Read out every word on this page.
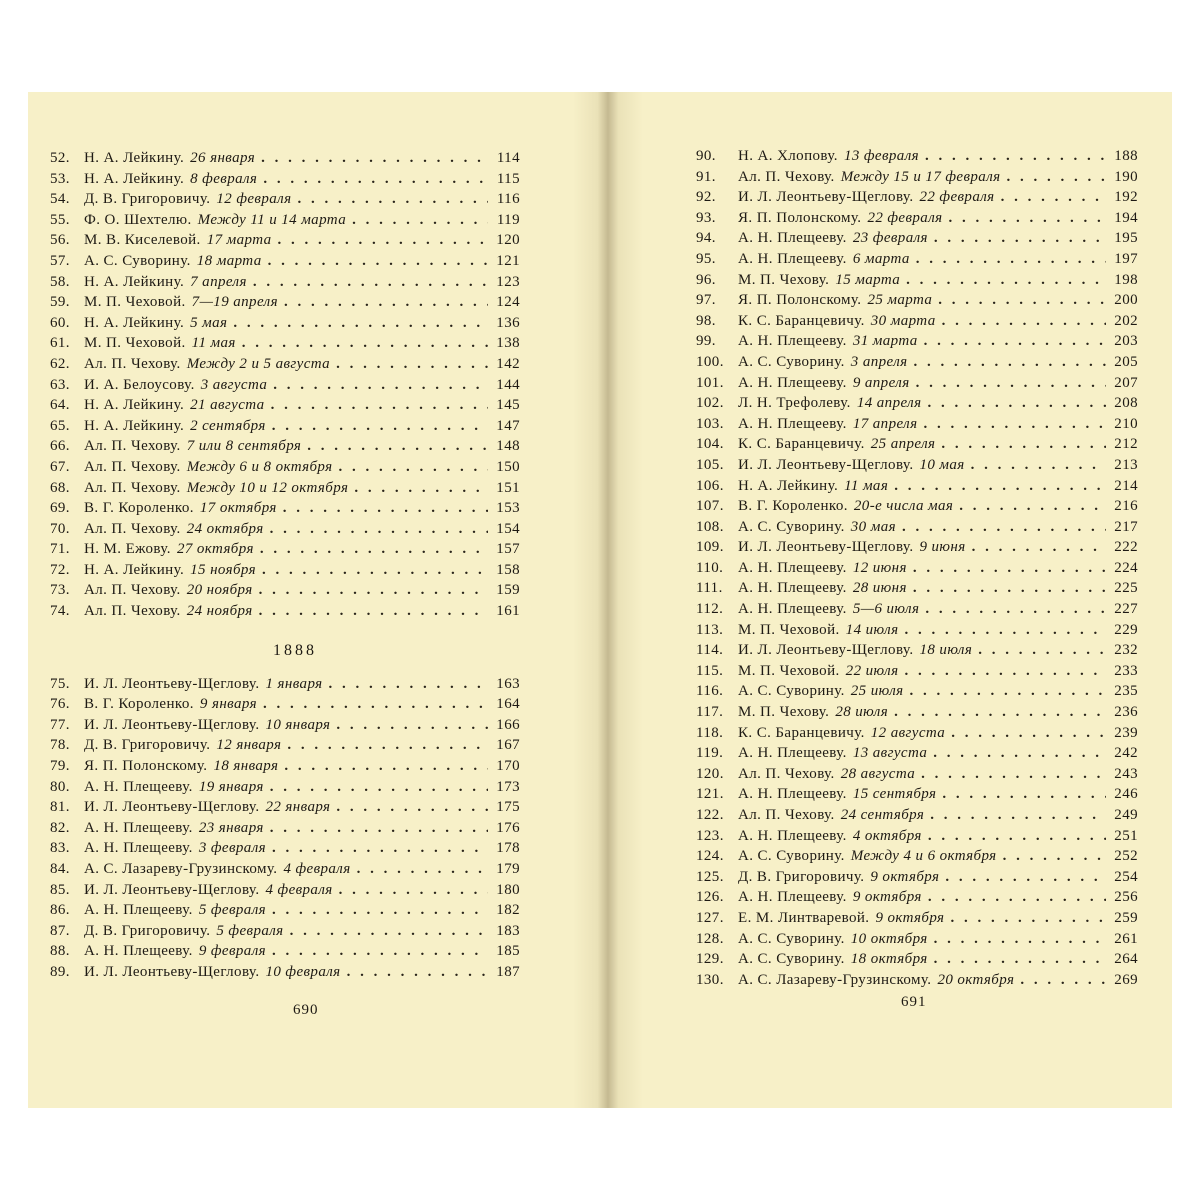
52. Н. А. Лейкину. 26 января . . .	114
53. Н. А. Лейкину. 8 февраля . . .	115
54. Д. В. Григоровичу. 12 февраля . . .	116
55. Ф. О. Шехтелю. Между 11 и 14 марта . . .	119
56. М. В. Киселевой. 17 марта . . .	120
57. А. С. Суворину. 18 марта . . .	121
58. Н. А. Лейкину. 7 апреля . . .	123
59. М. П. Чеховой. 7—19 апреля . . .	124
60. Н. А. Лейкину. 5 мая . . .	136
61. М. П. Чеховой. 11 мая . . .	138
62. Ал. П. Чехову. Между 2 и 5 августа . . .	142
63. И. А. Белоусову. 3 августа . . .	144
64. Н. А. Лейкину. 21 августа . . .	145
65. Н. А. Лейкину. 2 сентября . . .	147
66. Ал. П. Чехову. 7 или 8 сентября . . .	148
67. Ал. П. Чехову. Между 6 и 8 октября . . .	150
68. Ал. П. Чехову. Между 10 и 12 октября . . .	151
69. В. Г. Короленко. 17 октября . . .	153
70. Ал. П. Чехову. 24 октября . . .	154
71. Н. М. Ежову. 27 октября . . .	157
72. Н. А. Лейкину. 15 ноября . . .	158
73. Ал. П. Чехову. 20 ноября . . .	159
74. Ал. П. Чехову. 24 ноября . . .	161
1888
75. И. Л. Леонтьеву-Щеглову. 1 января . . .	163
76. В. Г. Короленко. 9 января . . .	164
77. И. Л. Леонтьеву-Щеглову. 10 января . . .	166
78. Д. В. Григоровичу. 12 января . . .	167
79. Я. П. Полонскому. 18 января . . .	170
80. А. Н. Плещееву. 19 января . . .	173
81. И. Л. Леонтьеву-Щеглову. 22 января . . .	175
82. А. Н. Плещееву. 23 января . . .	176
83. А. Н. Плещееву. 3 февраля . . .	178
84. А. С. Лазареву-Грузинскому. 4 февраля . . .	179
85. И. Л. Леонтьеву-Щеглову. 4 февраля . . .	180
86. А. Н. Плещееву. 5 февраля . . .	182
87. Д. В. Григоровичу. 5 февраля . . .	183
88. А. Н. Плещееву. 9 февраля . . .	185
89. И. Л. Леонтьеву-Щеглову. 10 февраля . . .	187
690
90.	Н. А. Хлопову. 13 февраля . . .	188
91.	Ал. П. Чехову. Между 15 и 17 февраля . . .	190
92.	И. Л. Леонтьеву-Щеглову. 22 февраля . . .	192
93.	Я. П. Полонскому. 22 февраля . . .	194
94.	А. Н. Плещееву. 23 февраля . . .	195
95.	А. Н. Плещееву. 6 марта . . .	197
96.	М. П. Чехову. 15 марта . . .	198
97.	Я. П. Полонскому. 25 марта . . .	200
98.	К. С. Баранцевичу. 30 марта . . .	202
99.	А. Н. Плещееву. 31 марта . . .	203
100. А. С. Суворину. 3 апреля . . .	205
101. А. Н. Плещееву. 9 апреля . . .	207
102. Л. Н. Трефолеву. 14 апреля . . .	208
103. А. Н. Плещееву. 17 апреля . . .	210
104. К. С. Баранцевичу. 25 апреля . . .	212
105. И. Л. Леонтьеву-Щеглову. 10 мая . . .	213
106. Н. А. Лейкину. 11 мая . . .	214
107. В. Г. Короленко. 20-е числа мая . . .	216
108. А. С. Суворину. 30 мая . . .	217
109. И. Л. Леонтьеву-Щеглову. 9 июня . . .	222
110. А. Н. Плещееву. 12 июня . . .	224
111.	А. Н. Плещееву. 28 июня . . .	225
112. А. Н. Плещееву. 5—6 июля . . .	227
113. М. П. Чеховой. 14 июля . . .	229
114. И. Л. Леонтьеву-Щеглову. 18 июля . . .	232
115. М. П. Чеховой. 22 июля . . .	233
116. А. С. Суворину. 25 июля . . .	235
117. М. П. Чехову. 28 июля . . .	236
118. К. С. Баранцевичу. 12 августа . . .	239
119. А. Н. Плещееву. 13 августа . . .	242
120. Ал. П. Чехову. 28 августа . . .	243
121. А. Н. Плещееву. 15 сентября . . .	246
122. Ал. П. Чехову. 24 сентября . . .	249
123. А. Н. Плещееву. 4 октября . . .	251
124. А. С. Суворину. Между 4 и 6 октября . . .	252
125. Д. В. Григоровичу. 9 октября . . .	254
126. А. Н. Плещееву. 9 октября . . .	256
127. Е. М. Линтваревой. 9 октября . . .	259
128. А. С. Суворину. 10 октября . . .	261
129. А. С. Суворину. 18 октября . . .	264
130. А. С. Лазареву-Грузинскому. 20 октября . . .	269
691
